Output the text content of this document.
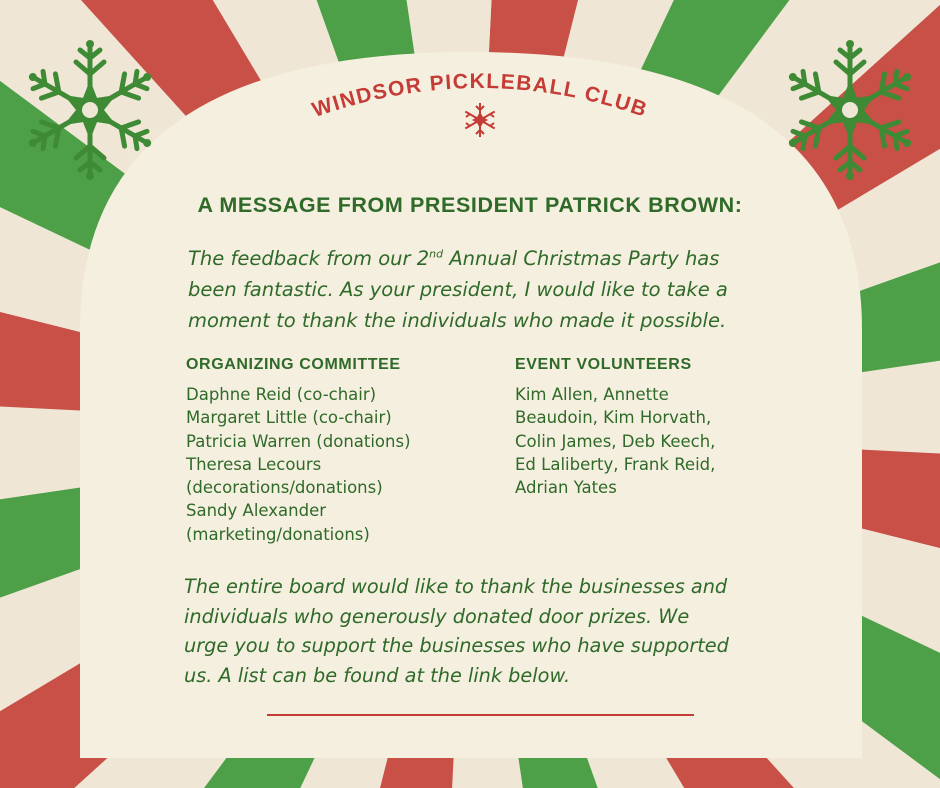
WINDSOR PICKLEBALL CLUB
A MESSAGE FROM PRESIDENT PATRICK BROWN:
The feedback from our 2nd Annual Christmas Party has
been fantastic. As your president, I would like to take a
moment to thank the individuals who made it possible.
ORGANIZING COMMITTEE
Daphne Reid (co-chair)
Margaret Little (co-chair)
Patricia Warren (donations)
Theresa Lecours
(decorations/donations)
Sandy Alexander
(marketing/donations)
EVENT VOLUNTEERS
Kim Allen, Annette
Beaudoin, Kim Horvath,
Colin James, Deb Keech,
Ed Laliberty, Frank Reid,
Adrian Yates
The entire board would like to thank the businesses and
individuals who generously donated door prizes. We
urge you to support the businesses who have supported
us. A list can be found at the link below.
